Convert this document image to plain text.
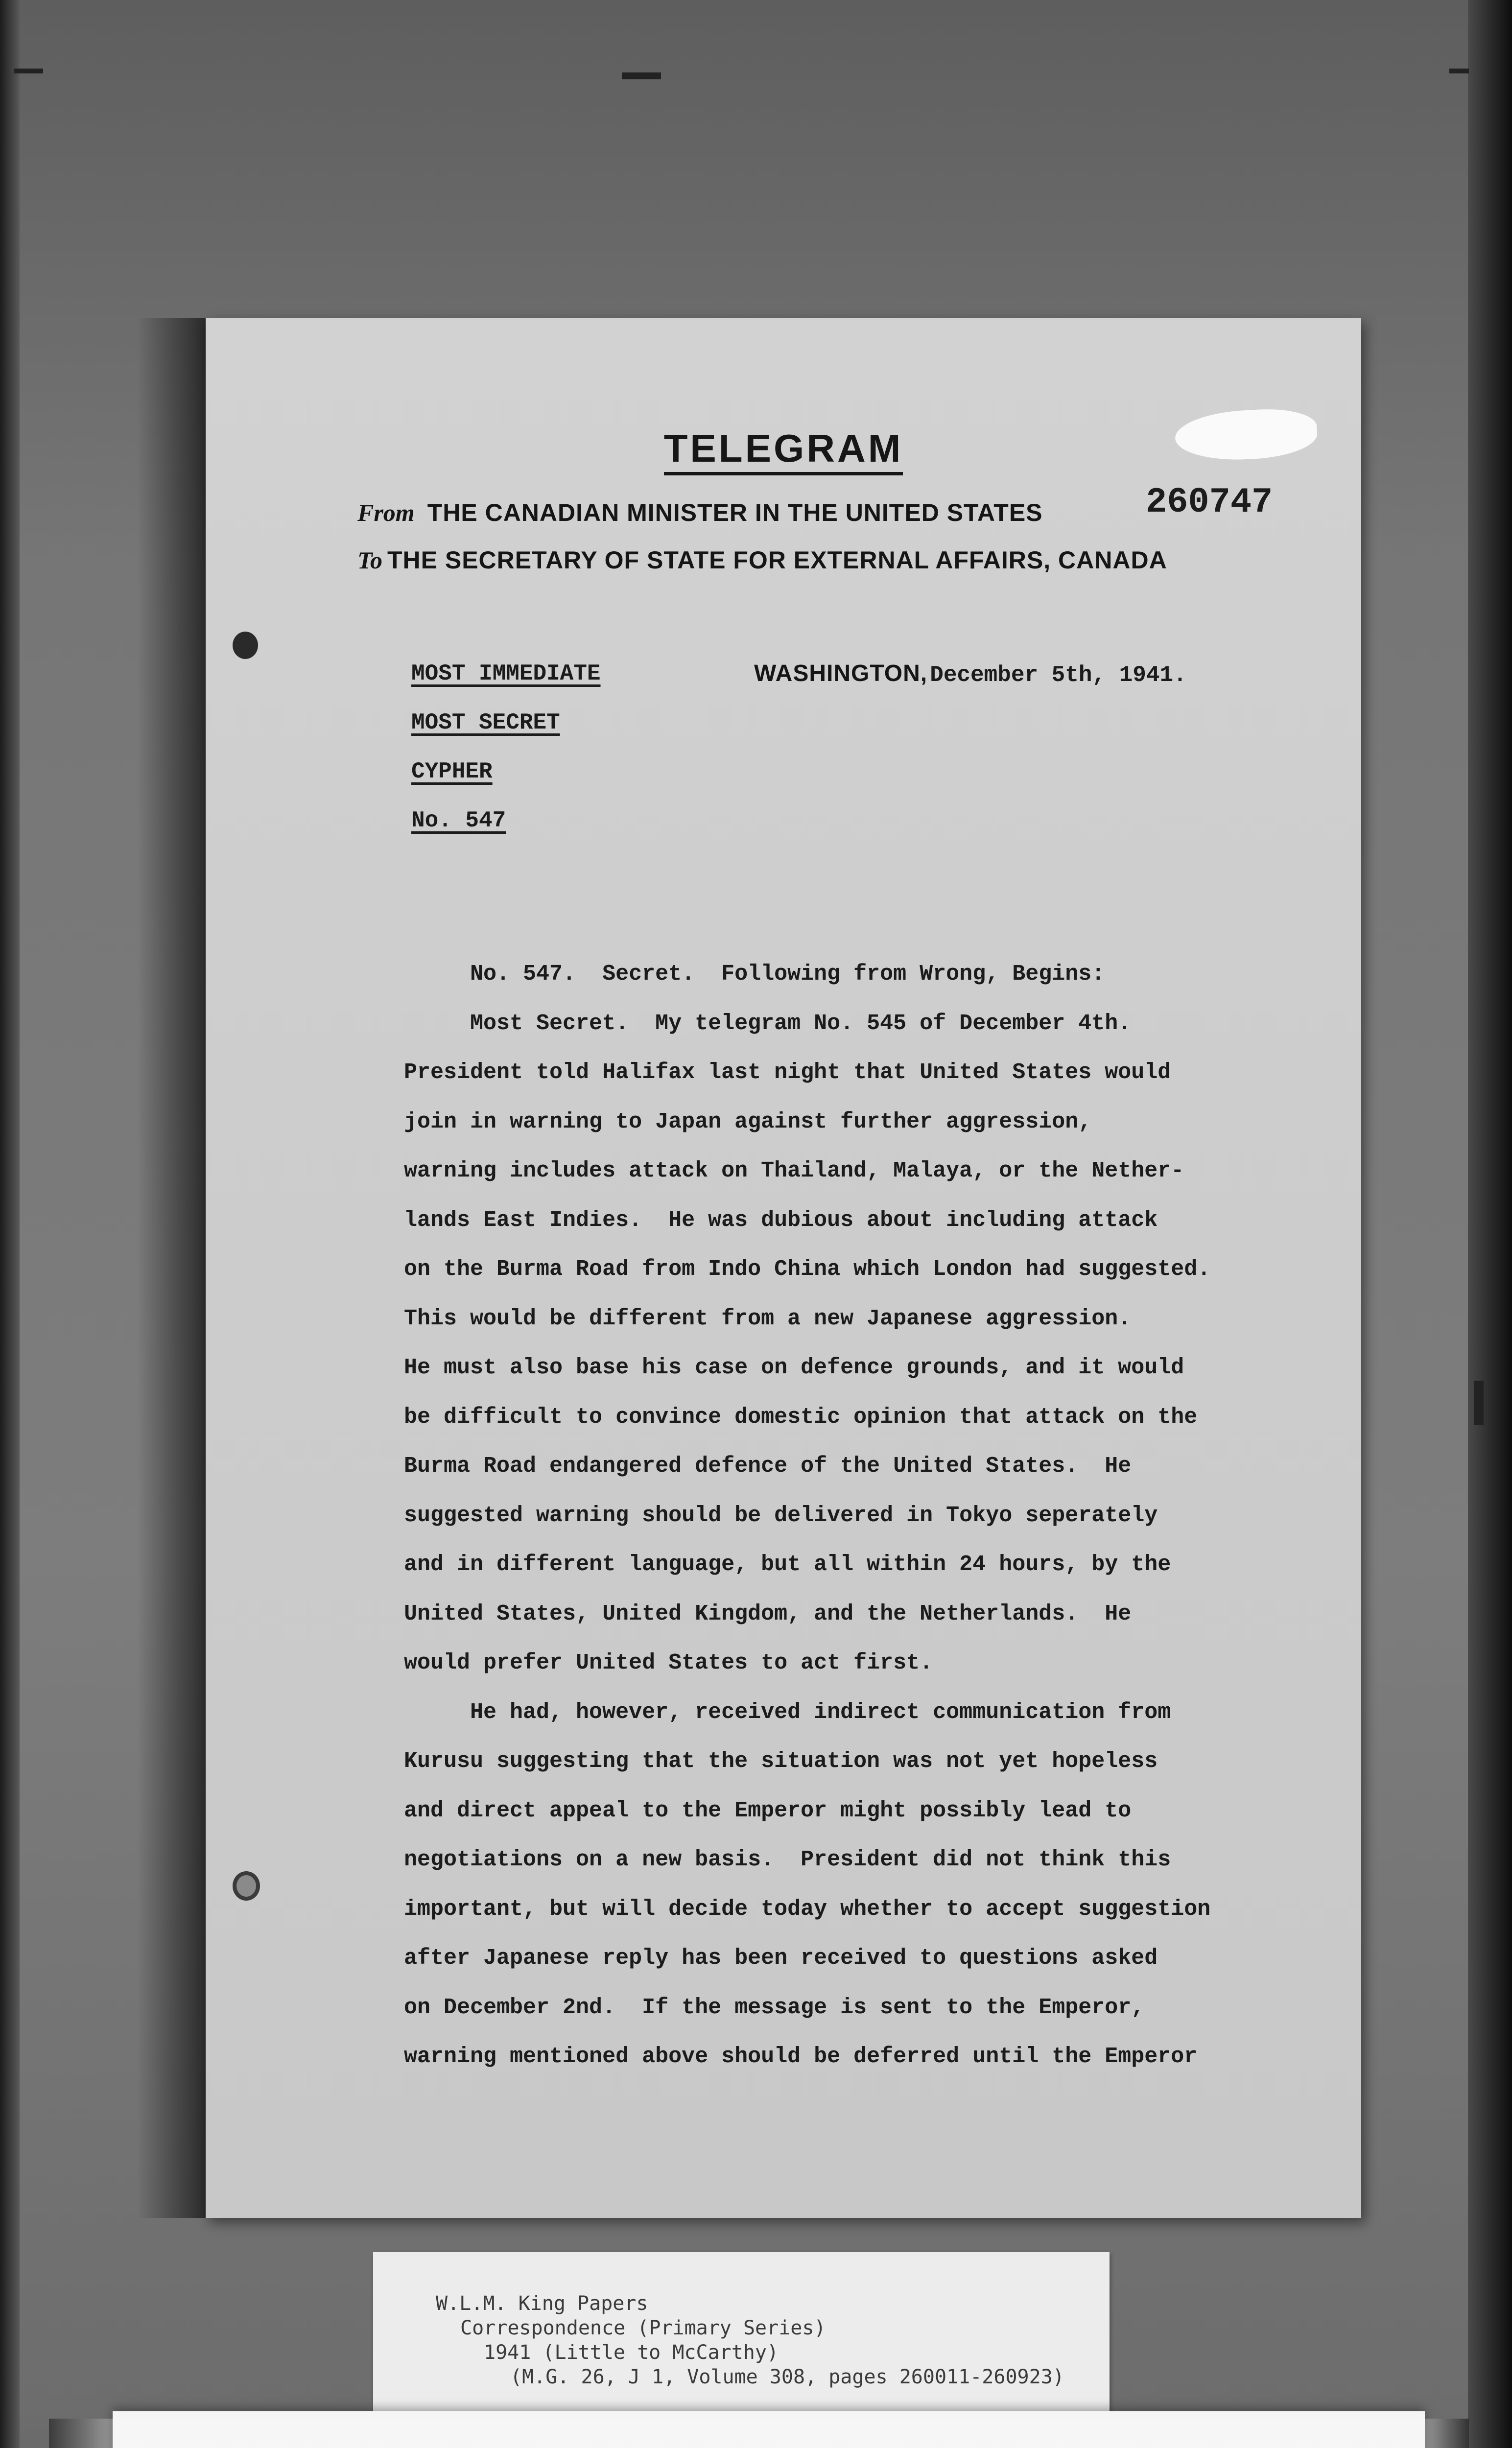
TELEGRAM
260747
From THE CANADIAN MINISTER IN THE UNITED STATES
To THE SECRETARY OF STATE FOR EXTERNAL AFFAIRS, CANADA
MOST IMMEDIATE
MOST SECRET
CYPHER
No. 547
WASHINGTON, December 5th, 1941.
No. 547.  Secret.  Following from Wrong, Begins:
Most Secret.  My telegram No. 545 of December 4th.
President told Halifax last night that United States would
join in warning to Japan against further aggression,
warning includes attack on Thailand, Malaya, or the Nether-
lands East Indies.  He was dubious about including attack
on the Burma Road from Indo China which London had suggested.
This would be different from a new Japanese aggression.
He must also base his case on defence grounds, and it would
be difficult to convince domestic opinion that attack on the
Burma Road endangered defence of the United States.  He
suggested warning should be delivered in Tokyo seperately
and in different language, but all within 24 hours, by the
United States, United Kingdom, and the Netherlands.  He
would prefer United States to act first.
He had, however, received indirect communication from
Kurusu suggesting that the situation was not yet hopeless
and direct appeal to the Emperor might possibly lead to
negotiations on a new basis.  President did not think this
important, but will decide today whether to accept suggestion
after Japanese reply has been received to questions asked
on December 2nd.  If the message is sent to the Emperor,
warning mentioned above should be deferred until the Emperor
W.L.M. King Papers
Correspondence (Primary Series)
1941 (Little to McCarthy)
(M.G. 26, J 1, Volume 308, pages 260011-260923)
